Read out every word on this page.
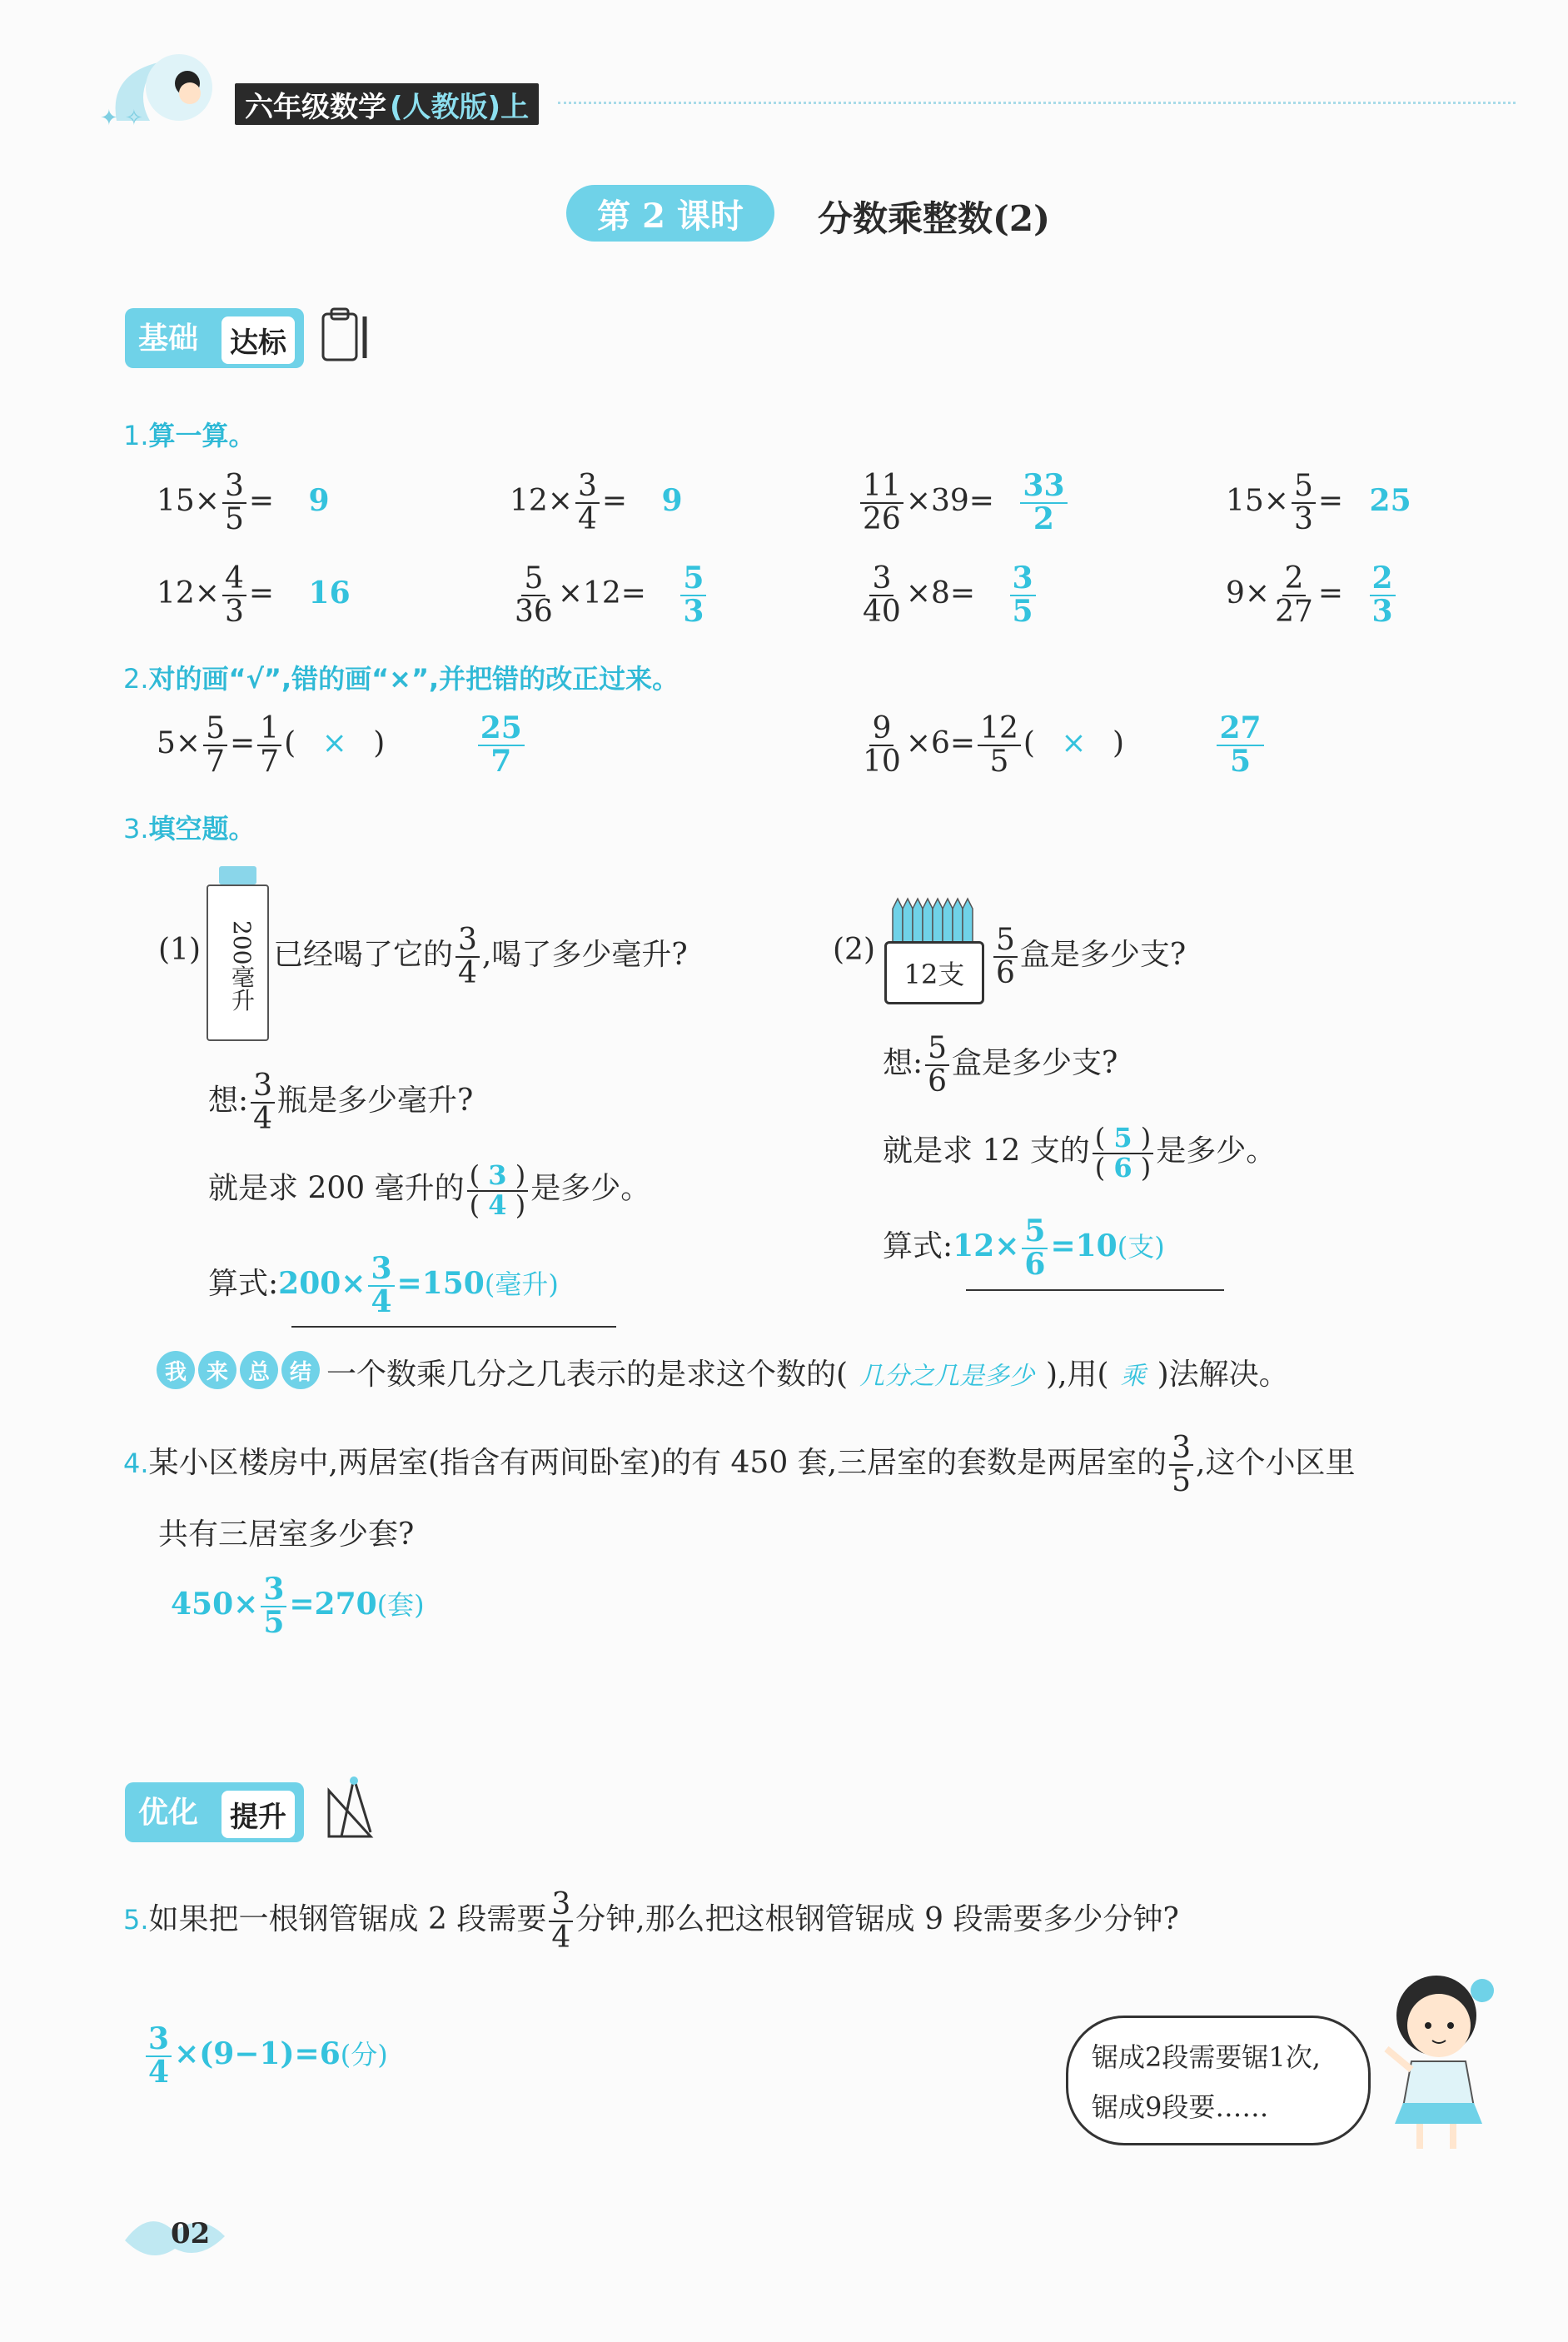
✦ ✧	六年级数学 (人教版)上
第 2 课时 分数乘整数(2)
基础 达标
1.算一算。
$15\times \frac{3}{5} = 9$	$12\times \frac{3}{4} = 9$	$\frac{11}{26} \times 39= \frac{33}{2}$	$15\times \frac{5}{3} = 25$
$12\times \frac{4}{3} = 16$	$\frac{5}{36} \times 12= \frac{5}{3}$	$\frac{3}{40} \times 8= \frac{3}{5}$	$9\times \frac{2}{27} = \frac{2}{3}$
2.对的画“√”,错的画“×”,并把错的改正过来。
$5\times \frac{5}{7} = \frac{1}{7}$ ( × )	$\frac{25}{7}$	$\frac{9}{10} \times 6= \frac{12}{5}$ ( × )	$\frac{27}{5}$
3.填空题。
(1) 200毫升 已经喝了它的 $\frac{3}{4}$ ,喝了多少毫升?
想: $\frac{3}{4}$ 瓶是多少毫升?
就是求 200 毫升的 $\frac{( 3 )}{( 4 )}$ 是多少。
算式:200× $\frac{3}{4} =150$(毫升)
(2)
12支 $\frac{5}{6}$ 盒是多少支?
想: $\frac{5}{6}$ 盒是多少支?
就是求 12 支的 $\frac{( 5 )}{( 6 )}$ 是多少。
算式:12× $\frac{5}{6} =10$(支)
我 来 总 结 一个数乘几分之几表示的是求这个数的( 几分之几是多少 ),用( 乘 )法解决。
4.某小区楼房中,两居室(指含有两间卧室)的有 450 套,三居室的套数是两居室的 $\frac{3}{5}$ ,这个小区里
共有三居室多少套?
$450\times \frac{3}{5} =270$(套)
优化 提升
5.如果把一根钢管锯成 2 段需要 $\frac{3}{4}$ 分钟,那么把这根钢管锯成 9 段需要多少分钟?
$\frac{3}{4} \times(9-1)=6$(分)	锯成2段需要锯1次,
锯成9段要……
02
